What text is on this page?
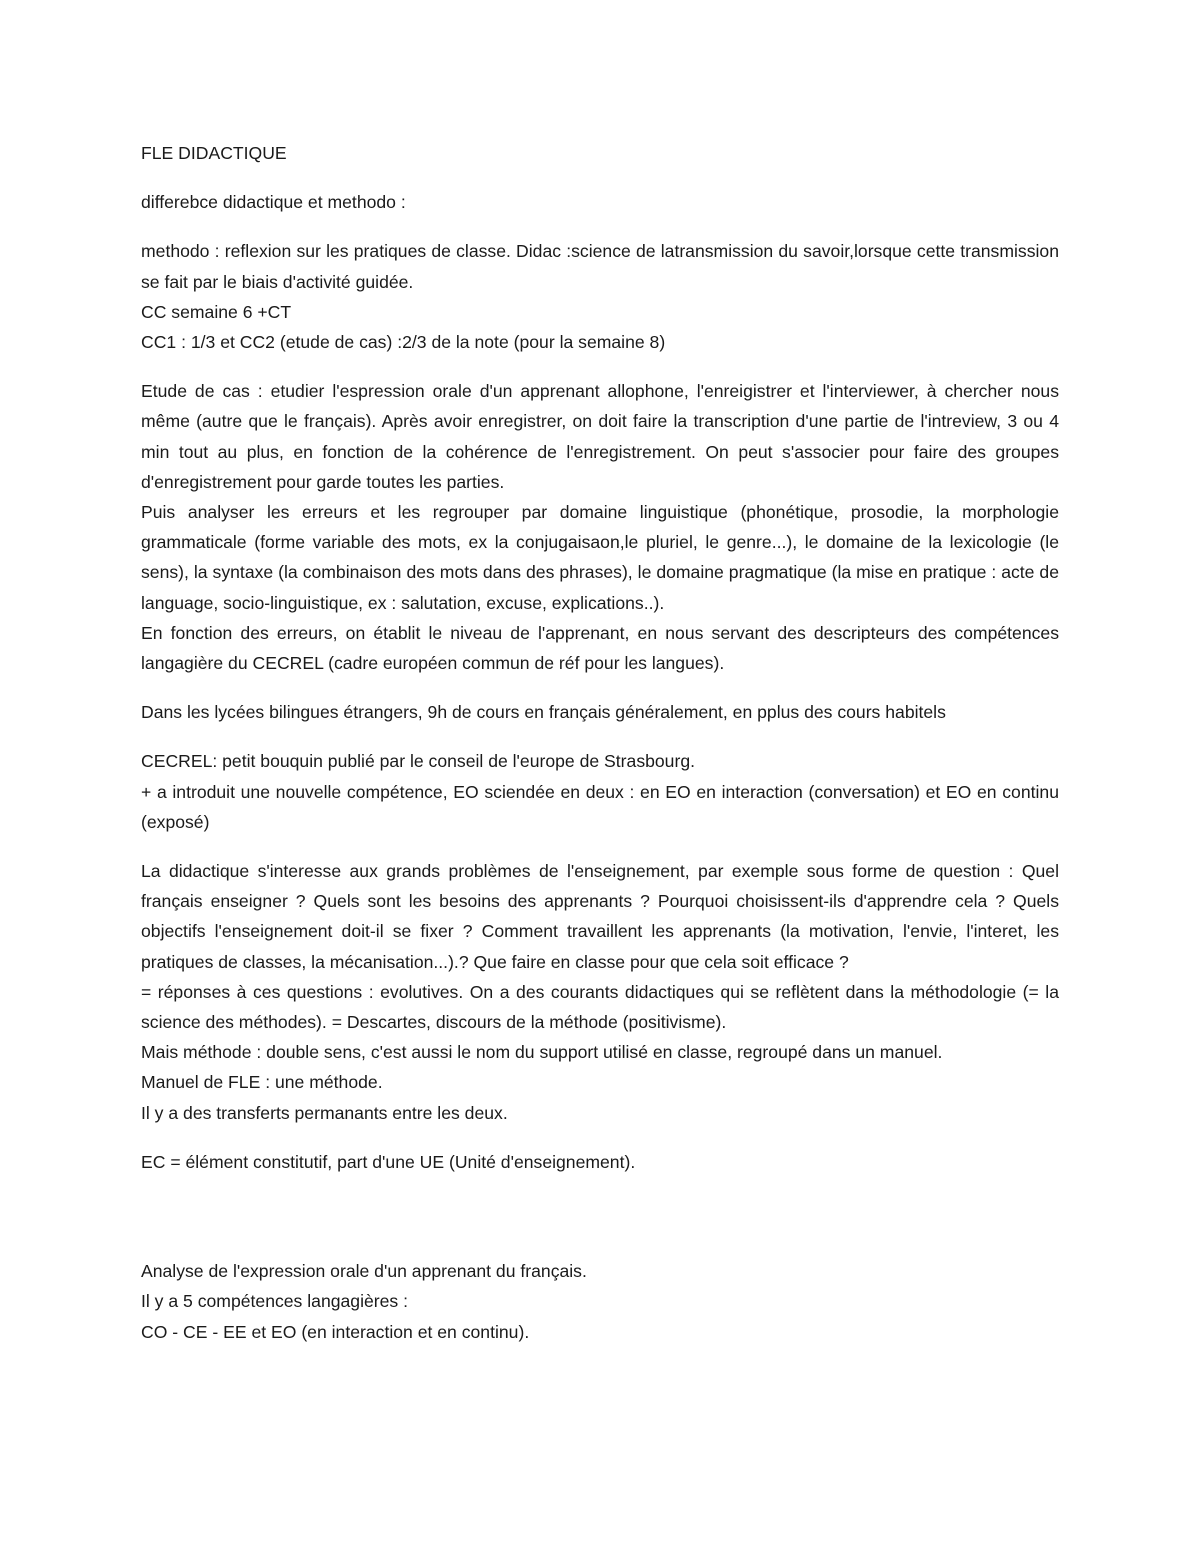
FLE DIDACTIQUE

differebce didactique et methodo :

methodo : reflexion sur les pratiques de classe. Didac :science de latransmission du savoir,lorsque cette transmission se fait par le biais d'activité guidée.

CC semaine 6 +CT

CC1 : 1/3 et CC2 (etude de cas) :2/3 de la note (pour la semaine 8)

Etude de cas : etudier l'espression orale d'un apprenant allophone, l'enreigistrer et l'interviewer, à chercher nous même (autre que le français). Après avoir enregistrer, on doit faire la transcription d'une partie de l'intreview, 3 ou 4 min tout au plus, en fonction de la cohérence de l'enregistrement. On peut s'associer pour faire des groupes d'enregistrement pour garde toutes les parties.

Puis analyser les erreurs et les regrouper par domaine linguistique (phonétique, prosodie, la morphologie grammaticale (forme variable des mots, ex la conjugaisaon,le pluriel, le genre...), le domaine de la lexicologie (le sens), la syntaxe (la combinaison des mots dans des phrases), le domaine pragmatique (la mise en pratique : acte de language, socio-linguistique, ex : salutation, excuse, explications..).

En fonction des erreurs, on établit le niveau de l'apprenant, en nous servant des descripteurs des compétences langagière du CECREL (cadre européen commun de réf pour les langues).

Dans les lycées bilingues étrangers, 9h de cours en français généralement, en pplus des cours habitels

CECREL: petit bouquin publié par le conseil de l'europe de Strasbourg.

+ a introduit une nouvelle compétence, EO sciendée en deux : en EO en interaction (conversation) et EO en continu (exposé)

La didactique s'interesse aux grands problèmes de l'enseignement, par exemple sous forme de question : Quel français enseigner ? Quels sont les besoins des apprenants ? Pourquoi choisissent-ils d'apprendre cela ? Quels objectifs l'enseignement doit-il se fixer ? Comment travaillent les apprenants (la motivation, l'envie, l'interet, les pratiques de classes, la mécanisation...).? Que faire en classe pour que cela soit efficace ?

= réponses à ces questions : evolutives. On a des courants didactiques qui se reflètent dans la méthodologie (= la science des méthodes). = Descartes, discours de la méthode (positivisme).

Mais méthode : double sens, c'est aussi le nom du support utilisé en classe, regroupé dans un manuel.

Manuel de FLE : une méthode.

Il y a des transferts permanants entre les deux.

EC = élément constitutif, part d'une UE (Unité d'enseignement).

Analyse de l'expression orale d'un apprenant du français.

Il y a 5 compétences langagières :

CO - CE - EE et EO (en interaction et en continu).
